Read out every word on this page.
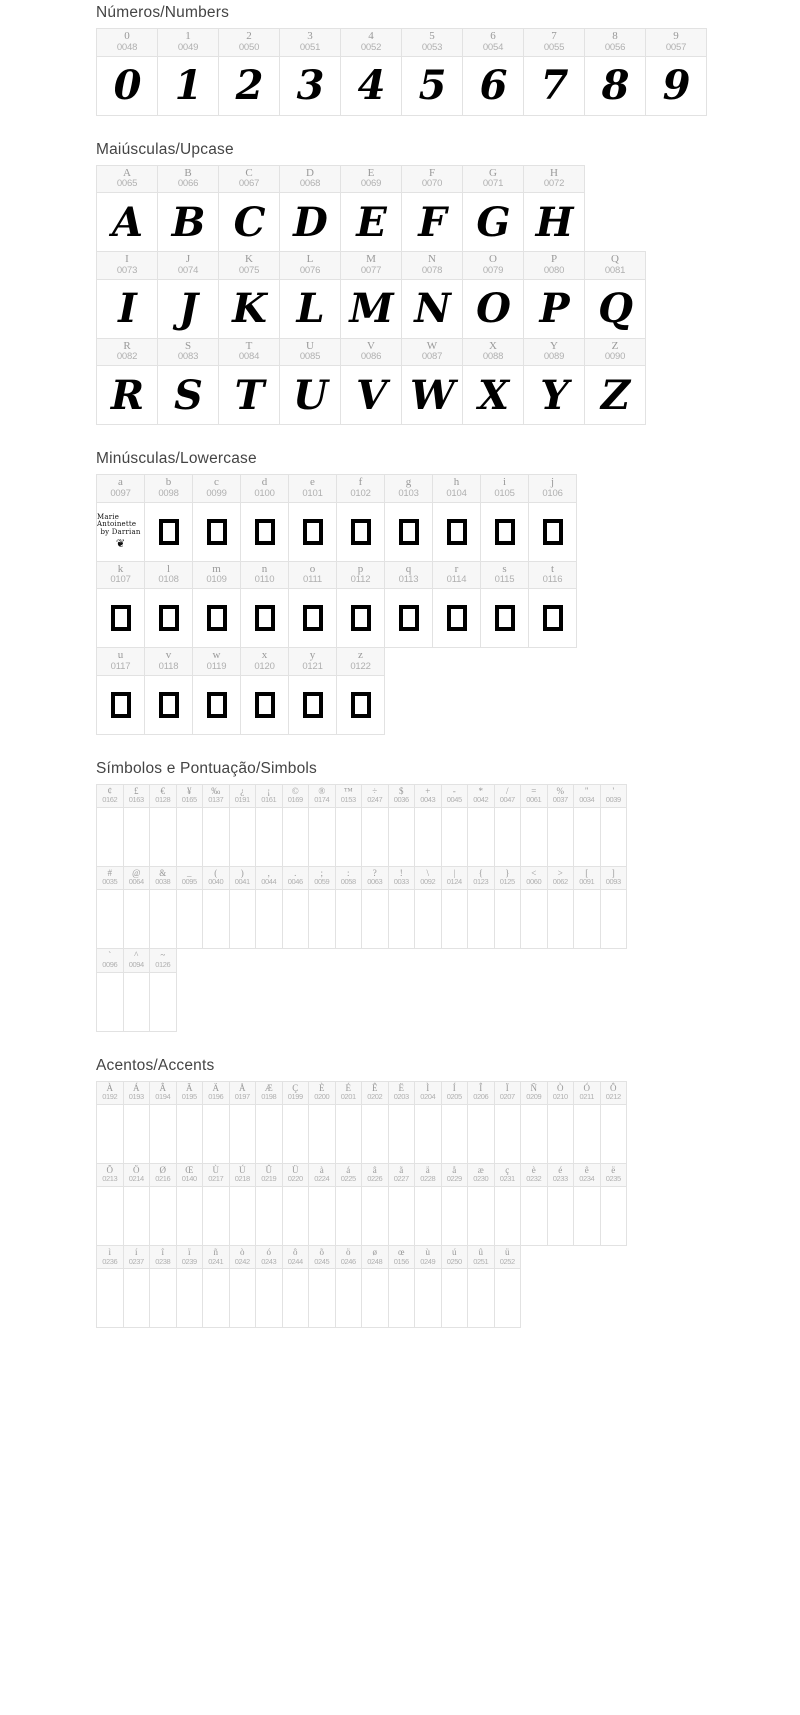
Números/Numbers
0
0048
0
1
0049
1
2
0050
2
3
0051
3
4
0052
4
5
0053
5
6
0054
6
7
0055
7
8
0056
8
9
0057
9
Maiúsculas/Upcase
A
0065
A
B
0066
B
C
0067
C
D
0068
D
E
0069
E
F
0070
F
G
0071
G
H
0072
H
I
0073
I
J
0074
J
K
0075
K
L
0076
L
M
0077
M
N
0078
N
O
0079
O
P
0080
P
Q
0081
Q
R
0082
R
S
0083
S
T
0084
T
U
0085
U
V
0086
V
W
0087
W
X
0088
X
Y
0089
Y
Z
0090
Z
Minúsculas/Lowercase
a
0097
Marie Antoinette
by Darrian
❦
b
0098
c
0099
d
0100
e
0101
f
0102
g
0103
h
0104
i
0105
j
0106
k
0107
l
0108
m
0109
n
0110
o
0111
p
0112
q
0113
r
0114
s
0115
t
0116
u
0117
v
0118
w
0119
x
0120
y
0121
z
0122
Símbolos e Pontuação/Simbols
¢
0162
£
0163
€
0128
¥
0165
‰
0137
¿
0191
¡
0161
©
0169
®
0174
™
0153
÷
0247
$
0036
+
0043
-
0045
*
0042
/
0047
=
0061
%
0037
"
0034
'
0039
#
0035
@
0064
&
0038
_
0095
(
0040
)
0041
,
0044
.
0046
;
0059
:
0058
?
0063
!
0033
\
0092
|
0124
{
0123
}
0125
<
0060
>
0062
[
0091
]
0093
`
0096
^
0094
~
0126
Acentos/Accents
À
0192
Á
0193
Â
0194
Ã
0195
Ä
0196
Å
0197
Æ
0198
Ç
0199
È
0200
É
0201
Ê
0202
Ë
0203
Ì
0204
Í
0205
Î
0206
Ï
0207
Ñ
0209
Ò
0210
Ó
0211
Ô
0212
Õ
0213
Ö
0214
Ø
0216
Œ
0140
Ù
0217
Ú
0218
Û
0219
Ü
0220
à
0224
á
0225
â
0226
ã
0227
ä
0228
å
0229
æ
0230
ç
0231
è
0232
é
0233
ê
0234
ë
0235
ì
0236
í
0237
î
0238
ï
0239
ñ
0241
ò
0242
ó
0243
ô
0244
õ
0245
ö
0246
ø
0248
œ
0156
ù
0249
ú
0250
û
0251
ü
0252
